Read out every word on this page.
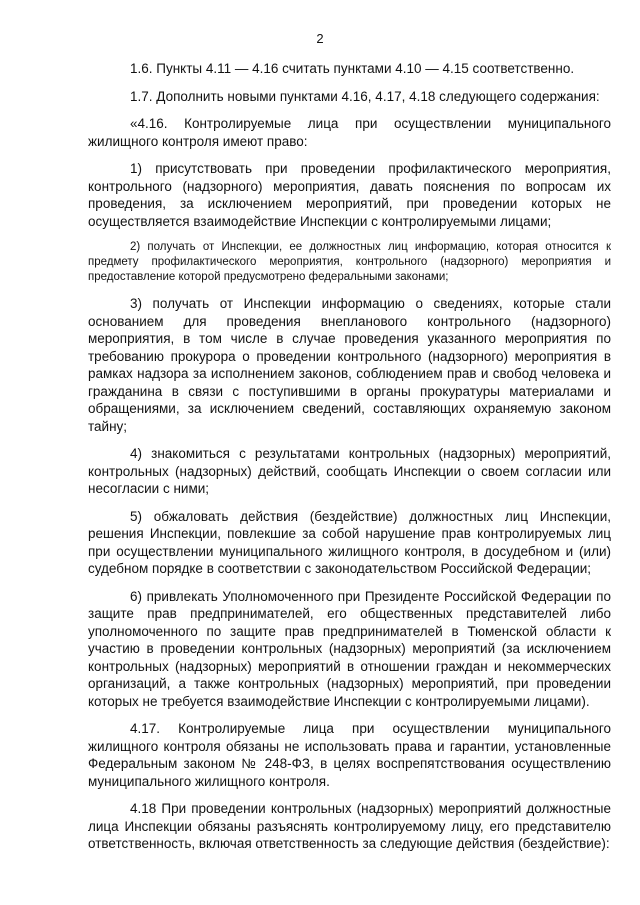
2

1.6. Пункты 4.11 — 4.16 считать пунктами 4.10 — 4.15 соответственно.

1.7. Дополнить новыми пунктами 4.16, 4.17, 4.18 следующего содержания:

«4.16. Контролируемые лица при осуществлении муниципального жилищного контроля имеют право:

1) присутствовать при проведении профилактического мероприятия, контрольного (надзорного) мероприятия, давать пояснения по вопросам их проведения, за исключением мероприятий, при проведении которых не осуществляется взаимодействие Инспекции с контролируемыми лицами;

2) получать от Инспекции, ее должностных лиц информацию, которая относится к предмету профилактического мероприятия, контрольного (надзорного) мероприятия и предоставление которой предусмотрено федеральными законами;

3) получать от Инспекции информацию о сведениях, которые стали основанием для проведения внепланового контрольного (надзорного) мероприятия, в том числе в случае проведения указанного мероприятия по требованию прокурора о проведении контрольного (надзорного) мероприятия в рамках надзора за исполнением законов, соблюдением прав и свобод человека и гражданина в связи с поступившими в органы прокуратуры материалами и обращениями, за исключением сведений, составляющих охраняемую законом тайну;

4) знакомиться с результатами контрольных (надзорных) мероприятий, контрольных (надзорных) действий, сообщать Инспекции о своем согласии или несогласии с ними;

5) обжаловать действия (бездействие) должностных лиц Инспекции, решения Инспекции, повлекшие за собой нарушение прав контролируемых лиц при осуществлении муниципального жилищного контроля, в досудебном и (или) судебном порядке в соответствии с законодательством Российской Федерации;

6) привлекать Уполномоченного при Президенте Российской Федерации по защите прав предпринимателей, его общественных представителей либо уполномоченного по защите прав предпринимателей в Тюменской области к участию в проведении контрольных (надзорных) мероприятий (за исключением контрольных (надзорных) мероприятий в отношении граждан и некоммерческих организаций, а также контрольных (надзорных) мероприятий, при проведении которых не требуется взаимодействие Инспекции с контролируемыми лицами).

4.17. Контролируемые лица при осуществлении муниципального жилищного контроля обязаны не использовать права и гарантии, установленные Федеральным законом № 248-ФЗ, в целях воспрепятствования осуществлению муниципального жилищного контроля.

4.18 При проведении контрольных (надзорных) мероприятий должностные лица Инспекции обязаны разъяснять контролируемому лицу, его представителю ответственность, включая ответственность за следующие действия (бездействие):
